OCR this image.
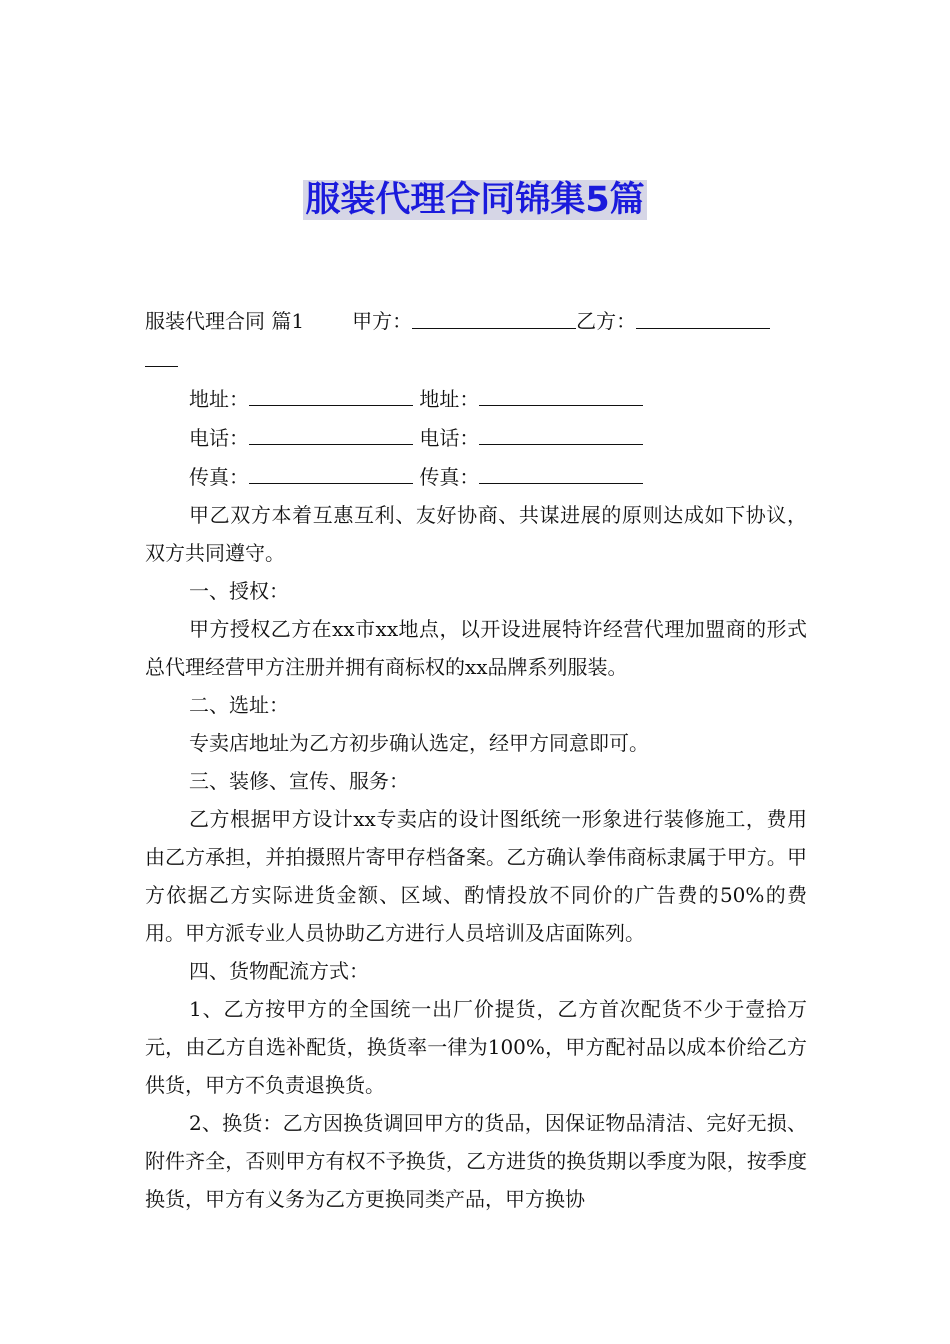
服装代理合同锦集5篇
服装代理合同 篇1 甲方：	乙方：
地址：	地址：
电话：	电话：
传真：	传真：

甲乙双方本着互惠互利、友好协商、共谋进展的原则达成如下协议，双方共同遵守。

一、授权：

甲方授权乙方在xx市xx地点，以开设进展特许经营代理加盟商的形式总代理经营甲方注册并拥有商标权的xx品牌系列服装。

二、选址：

专卖店地址为乙方初步确认选定，经甲方同意即可。

三、装修、宣传、服务：

乙方根据甲方设计xx专卖店的设计图纸统一形象进行装修施工，费用由乙方承担，并拍摄照片寄甲存档备案。乙方确认拳伟商标隶属于甲方。甲方依据乙方实际进货金额、区域、酌情投放不同价的广告费的50%的费用。甲方派专业人员协助乙方进行人员培训及店面陈列。

四、货物配流方式：

1、乙方按甲方的全国统一出厂价提货，乙方首次配货不少于壹拾万元，由乙方自选补配货，换货率一律为100%，甲方配衬品以成本价给乙方供货，甲方不负责退换货。

2、换货：乙方因换货调回甲方的货品，因保证物品清洁、完好无损、附件齐全，否则甲方有权不予换货，乙方进货的换货期以季度为限，按季度换货，甲方有义务为乙方更换同类产品，甲方换协
